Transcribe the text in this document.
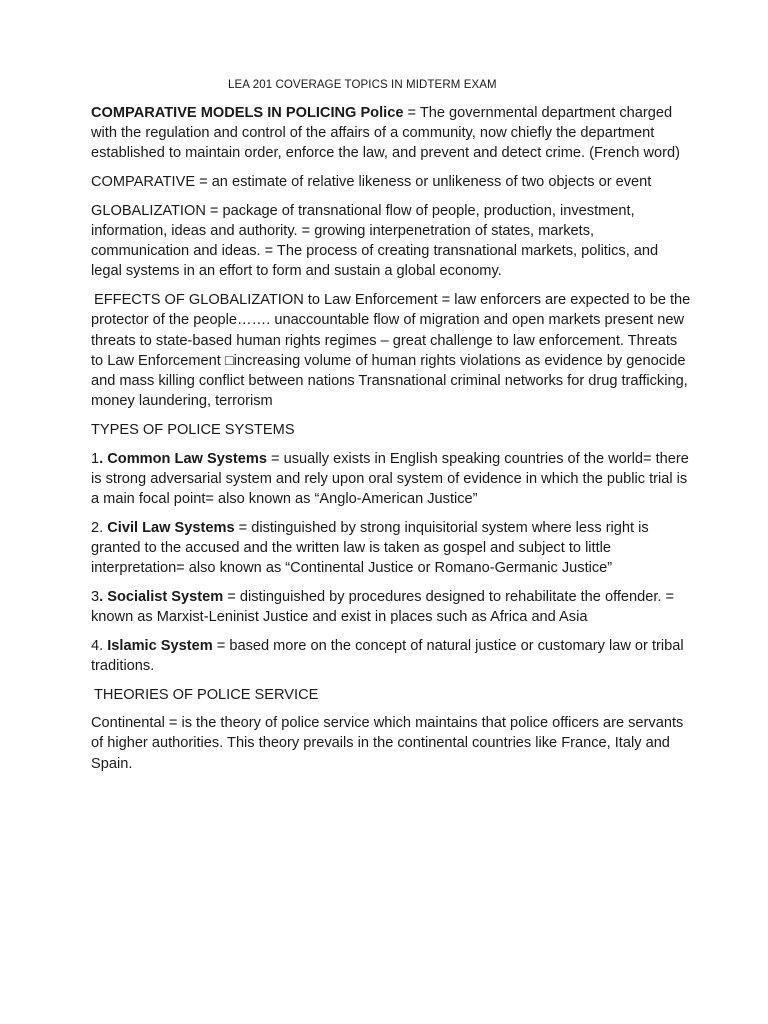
LEA 201 COVERAGE TOPICS IN MIDTERM EXAM

COMPARATIVE MODELS IN POLICING Police = The governmental department charged with the regulation and control of the affairs of a community, now chiefly the department established to maintain order, enforce the law, and prevent and detect crime. (French word)

COMPARATIVE = an estimate of relative likeness or unlikeness of two objects or event

GLOBALIZATION = package of transnational flow of people, production, investment, information, ideas and authority. = growing interpenetration of states, markets, communication and ideas. = The process of creating transnational markets, politics, and legal systems in an effort to form and sustain a global economy.

EFFECTS OF GLOBALIZATION to Law Enforcement = law enforcers are expected to be the protector of the people……. unaccountable flow of migration and open markets present new threats to state-based human rights regimes – great challenge to law enforcement. Threats to Law Enforcement □increasing volume of human rights violations as evidence by genocide and mass killing conflict between nations Transnational criminal networks for drug trafficking, money laundering, terrorism

TYPES OF POLICE SYSTEMS

1. Common Law Systems = usually exists in English speaking countries of the world= there is strong adversarial system and rely upon oral system of evidence in which the public trial is a main focal point= also known as “Anglo-American Justice”

2. Civil Law Systems = distinguished by strong inquisitorial system where less right is granted to the accused and the written law is taken as gospel and subject to little interpretation= also known as “Continental Justice or Romano-Germanic Justice”

3. Socialist System = distinguished by procedures designed to rehabilitate the offender. = known as Marxist-Leninist Justice and exist in places such as Africa and Asia

4. Islamic System = based more on the concept of natural justice or customary law or tribal traditions.

THEORIES OF POLICE SERVICE

Continental = is the theory of police service which maintains that police officers are servants of higher authorities. This theory prevails in the continental countries like France, Italy and Spain.
